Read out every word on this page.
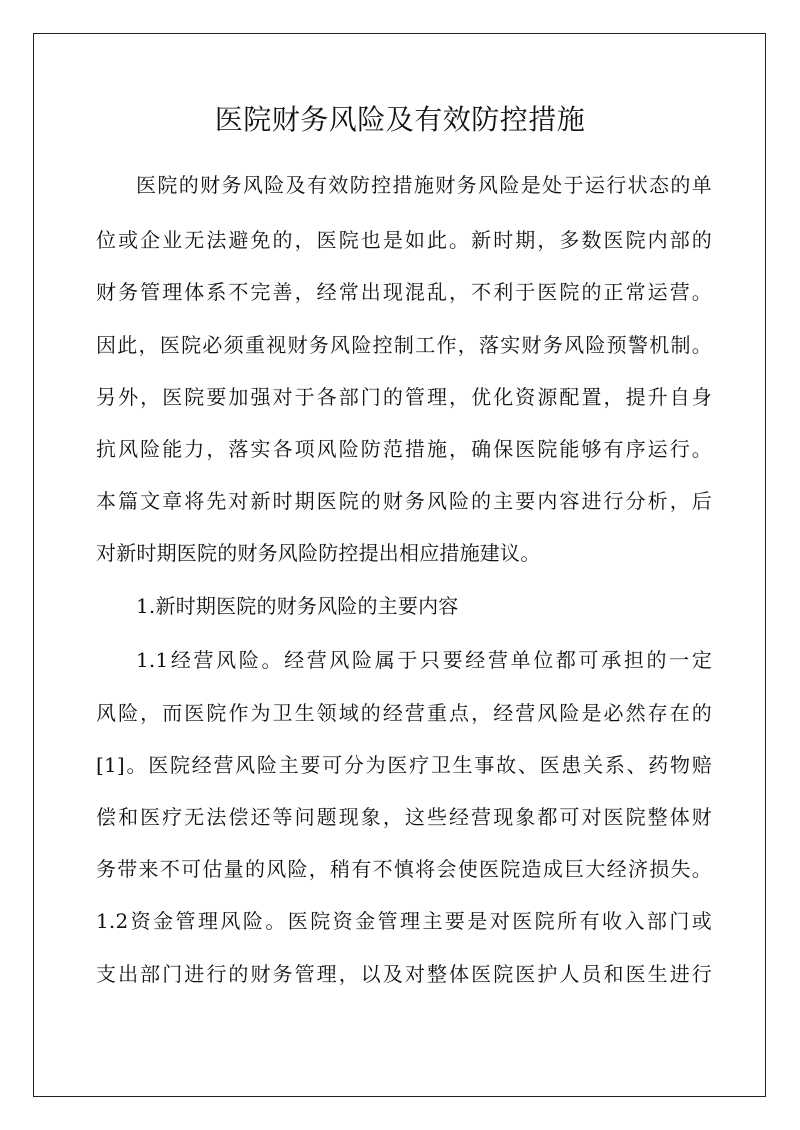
医院财务风险及有效防控措施

医院的财务风险及有效防控措施财务风险是处于运行状态的单

位或企业无法避免的，医院也是如此。新时期，多数医院内部的

财务管理体系不完善，经常出现混乱，不利于医院的正常运营。

因此，医院必须重视财务风险控制工作，落实财务风险预警机制。

另外，医院要加强对于各部门的管理，优化资源配置，提升自身

抗风险能力，落实各项风险防范措施，确保医院能够有序运行。

本篇文章将先对新时期医院的财务风险的主要内容进行分析，后

对新时期医院的财务风险防控提出相应措施建议。

1.新时期医院的财务风险的主要内容

1.1经营风险。经营风险属于只要经营单位都可承担的一定

风险，而医院作为卫生领域的经营重点，经营风险是必然存在的

[1]。医院经营风险主要可分为医疗卫生事故、医患关系、药物赔

偿和医疗无法偿还等问题现象，这些经营现象都可对医院整体财

务带来不可估量的风险，稍有不慎将会使医院造成巨大经济损失。

1.2资金管理风险。医院资金管理主要是对医院所有收入部门或

支出部门进行的财务管理，以及对整体医院医护人员和医生进行
